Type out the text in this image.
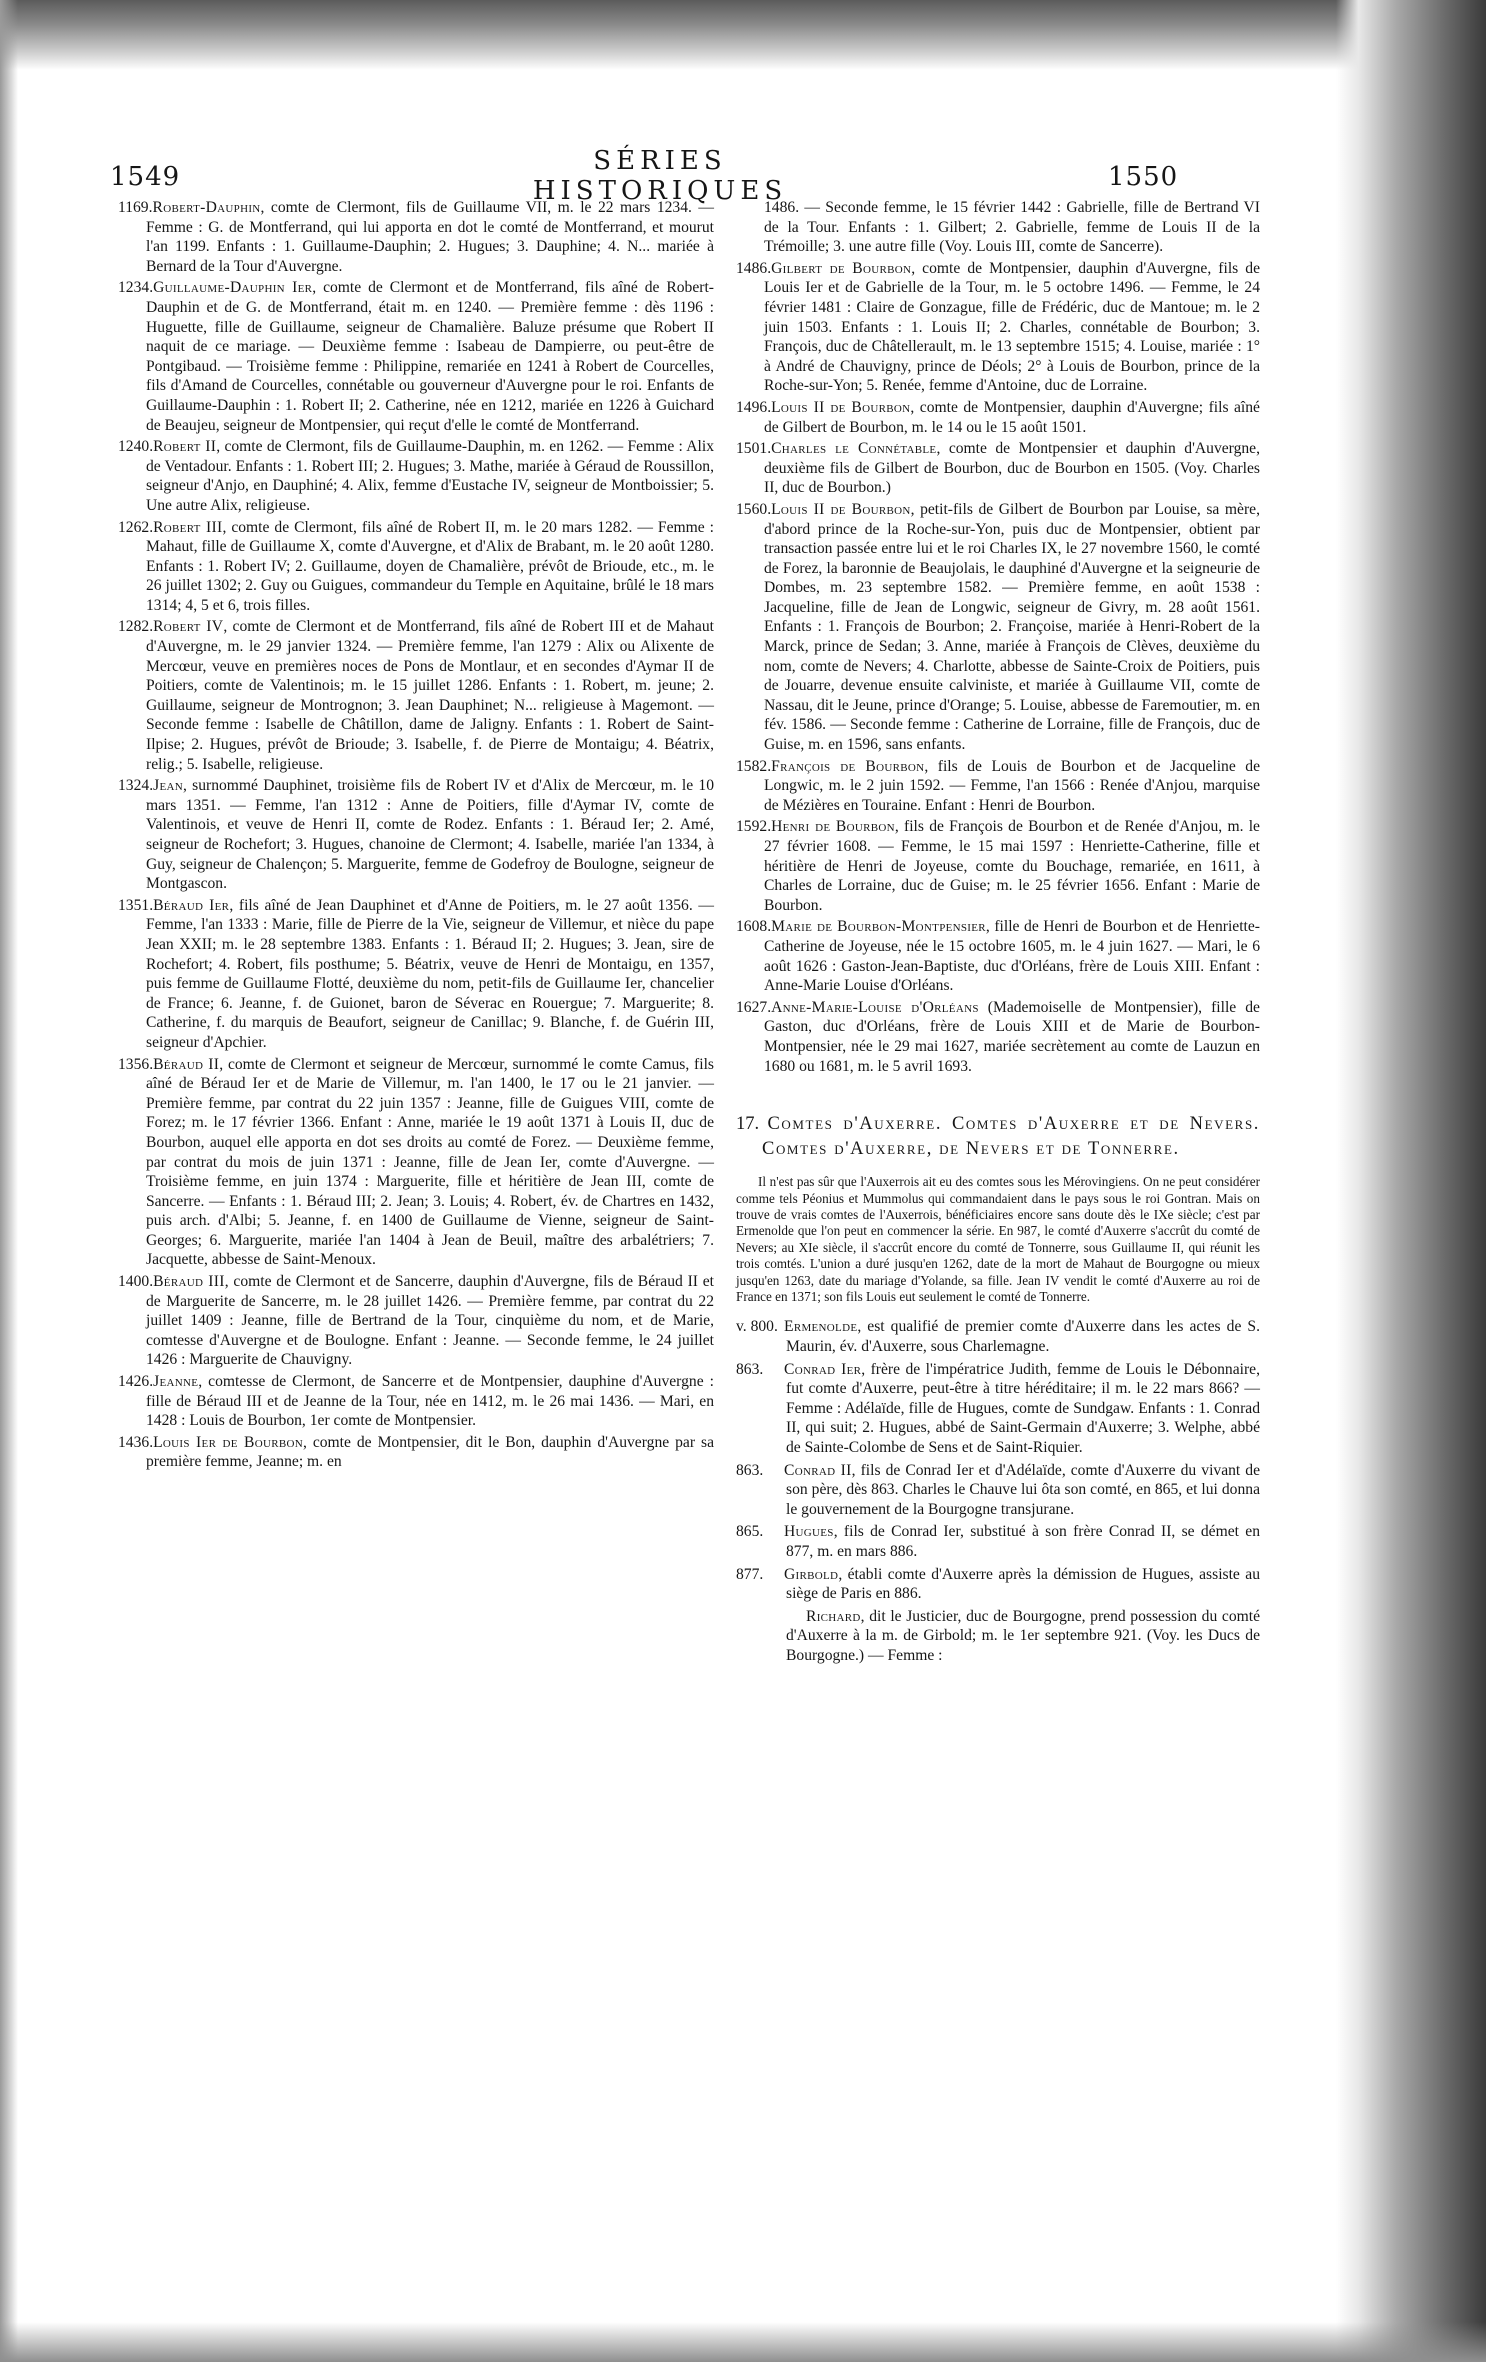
1549
SÉRIES HISTORIQUES	1550

1169.Robert-Dauphin, comte de Clermont, fils de Guillaume VII, m. le 22 mars 1234. — Femme : G. de Montferrand, qui lui apporta en dot le comté de Montferrand, et mourut l'an 1199. Enfants : 1. Guillaume-Dauphin; 2. Hugues; 3. Dauphine; 4. N... mariée à Bernard de la Tour d'Auvergne.

1234.Guillaume-Dauphin Ier, comte de Clermont et de Montferrand, fils aîné de Robert-Dauphin et de G. de Montferrand, était m. en 1240. — Première femme : dès 1196 : Huguette, fille de Guillaume, seigneur de Chamalière. Baluze présume que Robert II naquit de ce mariage. — Deuxième femme : Isabeau de Dampierre, ou peut-être de Pontgibaud. — Troisième femme : Philippine, remariée en 1241 à Robert de Courcelles, fils d'Amand de Courcelles, connétable ou gouverneur d'Auvergne pour le roi. Enfants de Guillaume-Dauphin : 1. Robert II; 2. Catherine, née en 1212, mariée en 1226 à Guichard de Beaujeu, seigneur de Montpensier, qui reçut d'elle le comté de Montferrand.

1240.Robert II, comte de Clermont, fils de Guillaume-Dauphin, m. en 1262. — Femme : Alix de Ventadour. Enfants : 1. Robert III; 2. Hugues; 3. Mathe, mariée à Géraud de Roussillon, seigneur d'Anjo, en Dauphiné; 4. Alix, femme d'Eustache IV, seigneur de Montboissier; 5. Une autre Alix, religieuse.

1262.Robert III, comte de Clermont, fils aîné de Robert II, m. le 20 mars 1282. — Femme : Mahaut, fille de Guillaume X, comte d'Auvergne, et d'Alix de Brabant, m. le 20 août 1280. Enfants : 1. Robert IV; 2. Guillaume, doyen de Chamalière, prévôt de Brioude, etc., m. le 26 juillet 1302; 2. Guy ou Guigues, commandeur du Temple en Aquitaine, brûlé le 18 mars 1314; 4, 5 et 6, trois filles.

1282.Robert IV, comte de Clermont et de Montferrand, fils aîné de Robert III et de Mahaut d'Auvergne, m. le 29 janvier 1324. — Première femme, l'an 1279 : Alix ou Alixente de Mercœur, veuve en premières noces de Pons de Montlaur, et en secondes d'Aymar II de Poitiers, comte de Valentinois; m. le 15 juillet 1286. Enfants : 1. Robert, m. jeune; 2. Guillaume, seigneur de Montrognon; 3. Jean Dauphinet; N... religieuse à Magemont. — Seconde femme : Isabelle de Châtillon, dame de Jaligny. Enfants : 1. Robert de Saint-Ilpise; 2. Hugues, prévôt de Brioude; 3. Isabelle, f. de Pierre de Montaigu; 4. Béatrix, relig.; 5. Isabelle, religieuse.

1324.Jean, surnommé Dauphinet, troisième fils de Robert IV et d'Alix de Mercœur, m. le 10 mars 1351. — Femme, l'an 1312 : Anne de Poitiers, fille d'Aymar IV, comte de Valentinois, et veuve de Henri II, comte de Rodez. Enfants : 1. Béraud Ier; 2. Amé, seigneur de Rochefort; 3. Hugues, chanoine de Clermont; 4. Isabelle, mariée l'an 1334, à Guy, seigneur de Chalençon; 5. Marguerite, femme de Godefroy de Boulogne, seigneur de Montgascon.

1351.Béraud Ier, fils aîné de Jean Dauphinet et d'Anne de Poitiers, m. le 27 août 1356. — Femme, l'an 1333 : Marie, fille de Pierre de la Vie, seigneur de Villemur, et nièce du pape Jean XXII; m. le 28 septembre 1383. Enfants : 1. Béraud II; 2. Hugues; 3. Jean, sire de Rochefort; 4. Robert, fils posthume; 5. Béatrix, veuve de Henri de Montaigu, en 1357, puis femme de Guillaume Flotté, deuxième du nom, petit-fils de Guillaume Ier, chancelier de France; 6. Jeanne, f. de Guionet, baron de Séverac en Rouergue; 7. Marguerite; 8. Catherine, f. du marquis de Beaufort, seigneur de Canillac; 9. Blanche, f. de Guérin III, seigneur d'Apchier.

1356.Béraud II, comte de Clermont et seigneur de Mercœur, surnommé le comte Camus, fils aîné de Béraud Ier et de Marie de Villemur, m. l'an 1400, le 17 ou le 21 janvier. — Première femme, par contrat du 22 juin 1357 : Jeanne, fille de Guigues VIII, comte de Forez; m. le 17 février 1366. Enfant : Anne, mariée le 19 août 1371 à Louis II, duc de Bourbon, auquel elle apporta en dot ses droits au comté de Forez. — Deuxième femme, par contrat du mois de juin 1371 : Jeanne, fille de Jean Ier, comte d'Auvergne. — Troisième femme, en juin 1374 : Marguerite, fille et héritière de Jean III, comte de Sancerre. — Enfants : 1. Béraud III; 2. Jean; 3. Louis; 4. Robert, év. de Chartres en 1432, puis arch. d'Albi; 5. Jeanne, f. en 1400 de Guillaume de Vienne, seigneur de Saint-Georges; 6. Marguerite, mariée l'an 1404 à Jean de Beuil, maître des arbalétriers; 7. Jacquette, abbesse de Saint-Menoux.

1400.Béraud III, comte de Clermont et de Sancerre, dauphin d'Auvergne, fils de Béraud II et de Marguerite de Sancerre, m. le 28 juillet 1426. — Première femme, par contrat du 22 juillet 1409 : Jeanne, fille de Bertrand de la Tour, cinquième du nom, et de Marie, comtesse d'Auvergne et de Boulogne. Enfant : Jeanne. — Seconde femme, le 24 juillet 1426 : Marguerite de Chauvigny.

1426.Jeanne, comtesse de Clermont, de Sancerre et de Montpensier, dauphine d'Auvergne : fille de Béraud III et de Jeanne de la Tour, née en 1412, m. le 26 mai 1436. — Mari, en 1428 : Louis de Bourbon, 1er comte de Montpensier.

1436.Louis Ier de Bourbon, comte de Montpensier, dit le Bon, dauphin d'Auvergne par sa première femme, Jeanne; m. en

1486. — Seconde femme, le 15 février 1442 : Gabrielle, fille de Bertrand VI de la Tour. Enfants : 1. Gilbert; 2. Gabrielle, femme de Louis II de la Trémoille; 3. une autre fille (Voy. Louis III, comte de Sancerre).

1486.Gilbert de Bourbon, comte de Montpensier, dauphin d'Auvergne, fils de Louis Ier et de Gabrielle de la Tour, m. le 5 octobre 1496. — Femme, le 24 février 1481 : Claire de Gonzague, fille de Frédéric, duc de Mantoue; m. le 2 juin 1503. Enfants : 1. Louis II; 2. Charles, connétable de Bourbon; 3. François, duc de Châtellerault, m. le 13 septembre 1515; 4. Louise, mariée : 1° à André de Chauvigny, prince de Déols; 2° à Louis de Bourbon, prince de la Roche-sur-Yon; 5. Renée, femme d'Antoine, duc de Lorraine.

1496.Louis II de Bourbon, comte de Montpensier, dauphin d'Auvergne; fils aîné de Gilbert de Bourbon, m. le 14 ou le 15 août 1501.

1501.Charles le Connétable, comte de Montpensier et dauphin d'Auvergne, deuxième fils de Gilbert de Bourbon, duc de Bourbon en 1505. (Voy. Charles II, duc de Bourbon.)

1560.Louis II de Bourbon, petit-fils de Gilbert de Bourbon par Louise, sa mère, d'abord prince de la Roche-sur-Yon, puis duc de Montpensier, obtient par transaction passée entre lui et le roi Charles IX, le 27 novembre 1560, le comté de Forez, la baronnie de Beaujolais, le dauphiné d'Auvergne et la seigneurie de Dombes, m. 23 septembre 1582. — Première femme, en août 1538 : Jacqueline, fille de Jean de Longwic, seigneur de Givry, m. 28 août 1561. Enfants : 1. François de Bourbon; 2. Françoise, mariée à Henri-Robert de la Marck, prince de Sedan; 3. Anne, mariée à François de Clèves, deuxième du nom, comte de Nevers; 4. Charlotte, abbesse de Sainte-Croix de Poitiers, puis de Jouarre, devenue ensuite calviniste, et mariée à Guillaume VII, comte de Nassau, dit le Jeune, prince d'Orange; 5. Louise, abbesse de Faremoutier, m. en fév. 1586. — Seconde femme : Catherine de Lorraine, fille de François, duc de Guise, m. en 1596, sans enfants.

1582.François de Bourbon, fils de Louis de Bourbon et de Jacqueline de Longwic, m. le 2 juin 1592. — Femme, l'an 1566 : Renée d'Anjou, marquise de Mézières en Touraine. Enfant : Henri de Bourbon.

1592.Henri de Bourbon, fils de François de Bourbon et de Renée d'Anjou, m. le 27 février 1608. — Femme, le 15 mai 1597 : Henriette-Catherine, fille et héritière de Henri de Joyeuse, comte du Bouchage, remariée, en 1611, à Charles de Lorraine, duc de Guise; m. le 25 février 1656. Enfant : Marie de Bourbon.

1608.Marie de Bourbon-Montpensier, fille de Henri de Bourbon et de Henriette-Catherine de Joyeuse, née le 15 octobre 1605, m. le 4 juin 1627. — Mari, le 6 août 1626 : Gaston-Jean-Baptiste, duc d'Orléans, frère de Louis XIII. Enfant : Anne-Marie Louise d'Orléans.

1627.Anne-Marie-Louise d'Orléans (Mademoiselle de Montpensier), fille de Gaston, duc d'Orléans, frère de Louis XIII et de Marie de Bourbon-Montpensier, née le 29 mai 1627, mariée secrètement au comte de Lauzun en 1680 ou 1681, m. le 5 avril 1693.

17. Comtes d'Auxerre. Comtes d'Auxerre et de Nevers. Comtes d'Auxerre, de Nevers et de Tonnerre.

Il n'est pas sûr que l'Auxerrois ait eu des comtes sous les Mérovingiens. On ne peut considérer comme tels Péonius et Mummolus qui commandaient dans le pays sous le roi Gontran. Mais on trouve de vrais comtes de l'Auxerrois, bénéficiaires encore sans doute dès le IXe siècle; c'est par Ermenolde que l'on peut en commencer la série. En 987, le comté d'Auxerre s'accrût du comté de Nevers; au XIe siècle, il s'accrût encore du comté de Tonnerre, sous Guillaume II, qui réunit les trois comtés. L'union a duré jusqu'en 1262, date de la mort de Mahaut de Bourgogne ou mieux jusqu'en 1263, date du mariage d'Yolande, sa fille. Jean IV vendit le comté d'Auxerre au roi de France en 1371; son fils Louis eut seulement le comté de Tonnerre.

v. 800. Ermenolde, est qualifié de premier comte d'Auxerre dans les actes de S. Maurin, év. d'Auxerre, sous Charlemagne.

863. Conrad Ier, frère de l'impératrice Judith, femme de Louis le Débonnaire, fut comte d'Auxerre, peut-être à titre héréditaire; il m. le 22 mars 866? — Femme : Adélaïde, fille de Hugues, comte de Sundgaw. Enfants : 1. Conrad II, qui suit; 2. Hugues, abbé de Saint-Germain d'Auxerre; 3. Welphe, abbé de Sainte-Colombe de Sens et de Saint-Riquier.

863. Conrad II, fils de Conrad Ier et d'Adélaïde, comte d'Auxerre du vivant de son père, dès 863. Charles le Chauve lui ôta son comté, en 865, et lui donna le gouvernement de la Bourgogne transjurane.

865. Hugues, fils de Conrad Ier, substitué à son frère Conrad II, se démet en 877, m. en mars 886.

877. Girbold, établi comte d'Auxerre après la démission de Hugues, assiste au siège de Paris en 886.

Richard, dit le Justicier, duc de Bourgogne, prend possession du comté d'Auxerre à la m. de Girbold; m. le 1er septembre 921. (Voy. les Ducs de Bourgogne.) — Femme :
